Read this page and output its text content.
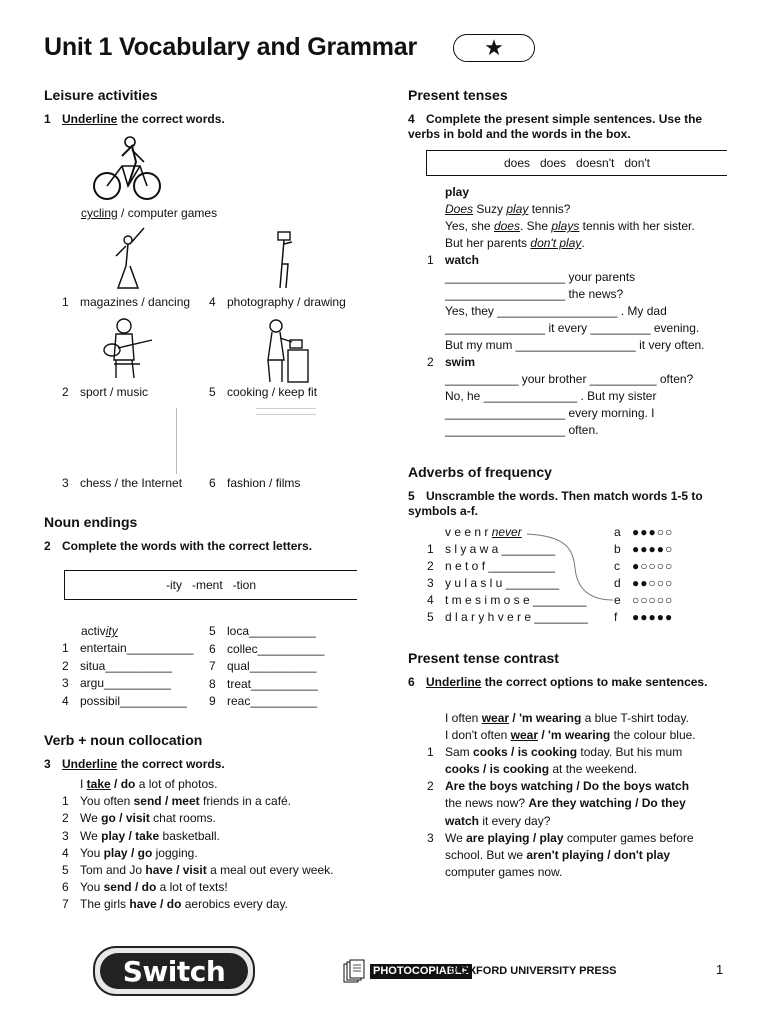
Unit 1 Vocabulary and Grammar	★
Leisure activities
1 Underline the correct words.
cycling / computer games
1 magazines / dancing 4 photography / drawing
2 sport / music	5 cooking / keep fit
3 chess / the Internet 6 fashion / films
Noun endings
2 Complete the words with the correct letters.
-ity   -ment   -tion
activity
1 entertain__________
2 situa__________
3 argu__________
4 possibil__________
5 loca__________
6 collec__________
7 qual__________
8 treat__________
9 reac__________
Verb + noun collocation
3 Underline the correct words.
I take / do a lot of photos.
1 You often send / meet friends in a café.
2 We go / visit chat rooms.
3 We play / take basketball.
4 You play / go jogging.
5 Tom and Jo have / visit a meal out every week.
6 You send / do a lot of texts!
7 The girls have / do aerobics every day.
Present tenses
4 Complete the present simple sentences. Use the verbs in bold and the words in the box.
does   does   doesn't   don't
play
Does Suzy play tennis?
Yes, she does. She plays tennis with her sister.
But her parents don't play.
1 watch
__________________ your parents
__________________ the news?
Yes, they __________________ . My dad
_______________ it every _________ evening.
But my mum __________________ it very often.
2 swim
___________ your brother __________ often?
No, he ______________ . But my sister
__________________ every morning. I
__________________ often.
Adverbs of frequency
5 Unscramble the words. Then match words 1-5 to symbols a-f.
v e e n r never
1 s l y a w a ________
2 n e t o f __________
3 y u l a s l u ________
4 t m e s i m o s e ________
5 d l a r y h v e r e ________
a ●●●○○
b ●●●●○
c ●○○○○
d ●●○○○
e ○○○○○
f ●●●●●
Present tense contrast
6 Underline the correct options to make sentences.
I often wear / 'm wearing a blue T-shirt today.
I don't often wear / 'm wearing the colour blue.
1 Sam cooks / is cooking today. But his mum
cooks / is cooking at the weekend.
2 Are the boys watching / Do the boys watch
the news now? Are they watching / Do they
watch it every day?
3 We are playing / play computer games before
school. But we aren't playing / don't play
computer games now.
Switch	PHOTOCOPIABLE
© OXFORD UNIVERSITY PRESS	1
